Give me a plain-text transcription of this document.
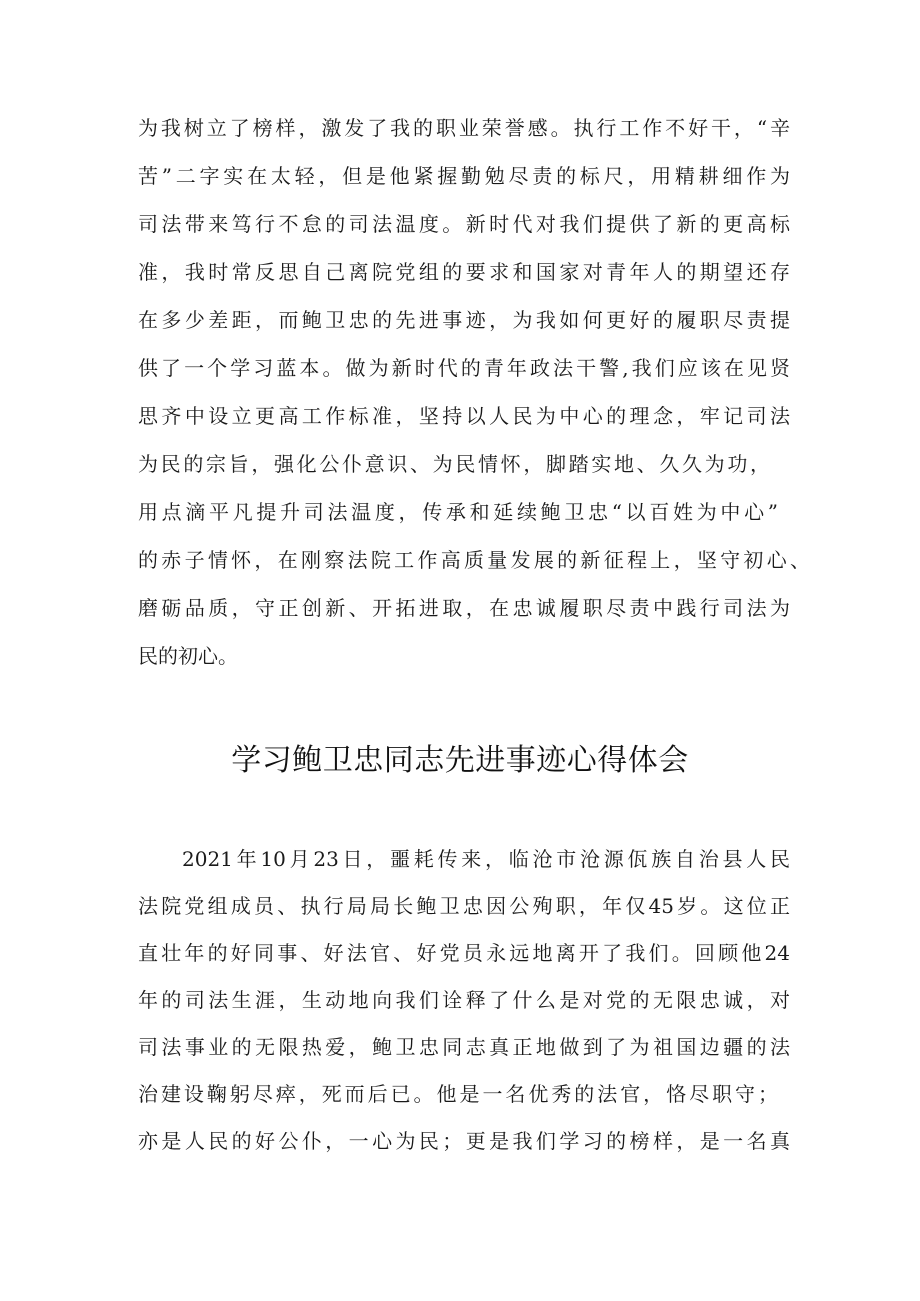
为我树立了榜样，激发了我的职业荣誉感。执行工作不好干，“辛
苦”二字实在太轻，但是他紧握勤勉尽责的标尺，用精耕细作为
司法带来笃行不怠的司法温度。新时代对我们提供了新的更高标
准，我时常反思自己离院党组的要求和国家对青年人的期望还存
在多少差距，而鲍卫忠的先进事迹，为我如何更好的履职尽责提
供了一个学习蓝本。做为新时代的青年政法干警,我们应该在见贤
思齐中设立更高工作标准，坚持以人民为中心的理念，牢记司法
为民的宗旨，强化公仆意识、为民情怀，脚踏实地、久久为功，
用点滴平凡提升司法温度，传承和延续鲍卫忠“以百姓为中心”
的赤子情怀，在刚察法院工作高质量发展的新征程上，坚守初心、
磨砺品质，守正创新、开拓进取，在忠诚履职尽责中践行司法为
民的初心。
学习鲍卫忠同志先进事迹心得体会
2021年10月23日，噩耗传来，临沧市沧源佤族自治县人民
法院党组成员、执行局局长鲍卫忠因公殉职，年仅45岁。这位正
直壮年的好同事、好法官、好党员永远地离开了我们。回顾他24
年的司法生涯，生动地向我们诠释了什么是对党的无限忠诚，对
司法事业的无限热爱，鲍卫忠同志真正地做到了为祖国边疆的法
治建设鞠躬尽瘁，死而后已。他是一名优秀的法官，恪尽职守；
亦是人民的好公仆，一心为民；更是我们学习的榜样，是一名真
